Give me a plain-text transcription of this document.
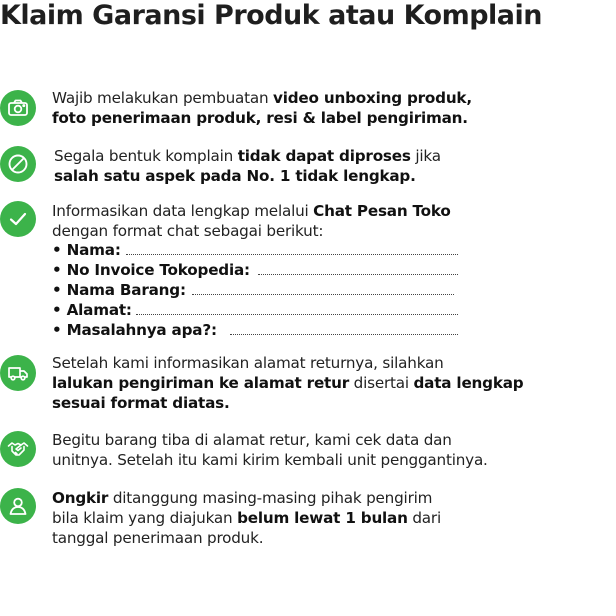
Klaim Garansi Produk atau Komplain
Wajib melakukan pembuatan video unboxing produk,
foto penerimaan produk, resi & label pengiriman.
Segala bentuk komplain tidak dapat diproses jika
salah satu aspek pada No. 1 tidak lengkap.
Informasikan data lengkap melalui Chat Pesan Toko
dengan format chat sebagai berikut:
• Nama:
• No Invoice Tokopedia:
• Nama Barang:
• Alamat:
• Masalahnya apa?:
Setelah kami informasikan alamat returnya, silahkan
lalukan pengiriman ke alamat retur disertai data lengkap
sesuai format diatas.
Begitu barang tiba di alamat retur, kami cek data dan
unitnya. Setelah itu kami kirim kembali unit penggantinya.
Ongkir ditanggung masing-masing pihak pengirim
bila klaim yang diajukan belum lewat 1 bulan dari
tanggal penerimaan produk.
